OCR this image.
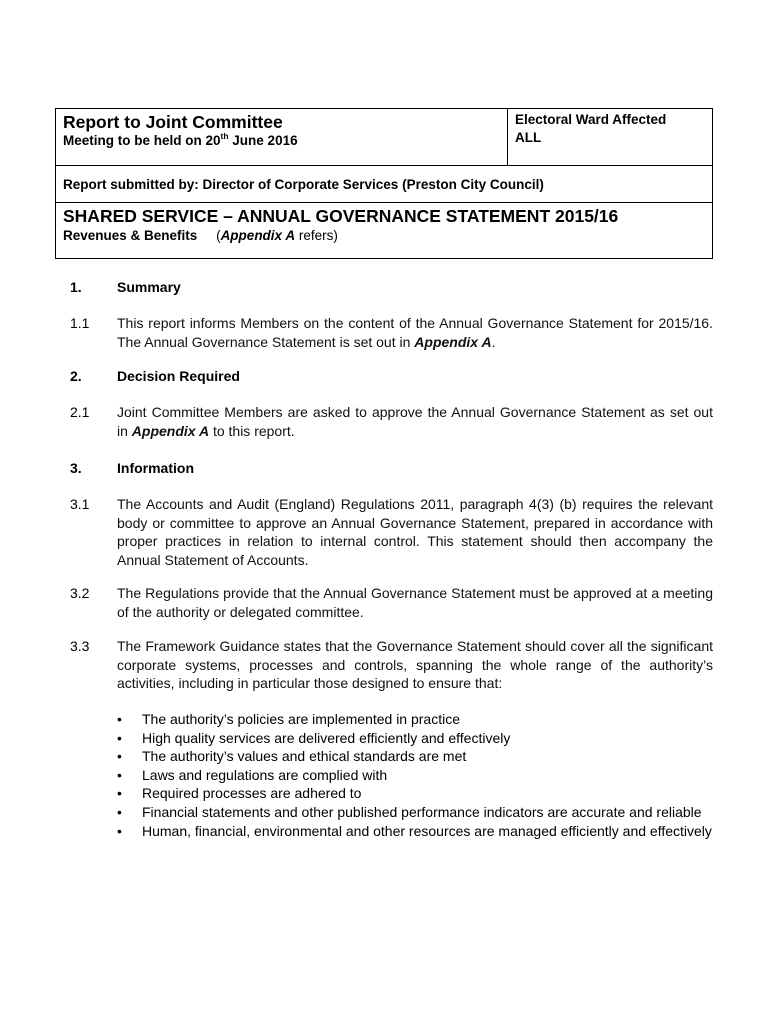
Report to Joint Committee
Meeting to be held on 20th June 2016
Electoral Ward Affected
ALL
Report submitted by: Director of Corporate Services (Preston City Council)
SHARED SERVICE – ANNUAL GOVERNANCE STATEMENT 2015/16
Revenues & Benefits (Appendix A refers)
1.	Summary
1.1 This report informs Members on the content of the Annual Governance Statement for 2015/16. The Annual Governance Statement is set out in Appendix A.
2.	Decision Required
2.1 Joint Committee Members are asked to approve the Annual Governance Statement as set out in Appendix A to this report.
3.	Information
3.1 The Accounts and Audit (England) Regulations 2011, paragraph 4(3) (b) requires the relevant body or committee to approve an Annual Governance Statement, prepared in accordance with proper practices in relation to internal control. This statement should then accompany the Annual Statement of Accounts.
3.2 The Regulations provide that the Annual Governance Statement must be approved at a meeting of the authority or delegated committee.
3.3 The Framework Guidance states that the Governance Statement should cover all the significant corporate systems, processes and controls, spanning the whole range of the authority’s activities, including in particular those designed to ensure that:
• The authority’s policies are implemented in practice
• High quality services are delivered efficiently and effectively
• The authority’s values and ethical standards are met
• Laws and regulations are complied with
• Required processes are adhered to
• Financial statements and other published performance indicators are accurate and reliable
• Human, financial, environmental and other resources are managed efficiently and effectively
